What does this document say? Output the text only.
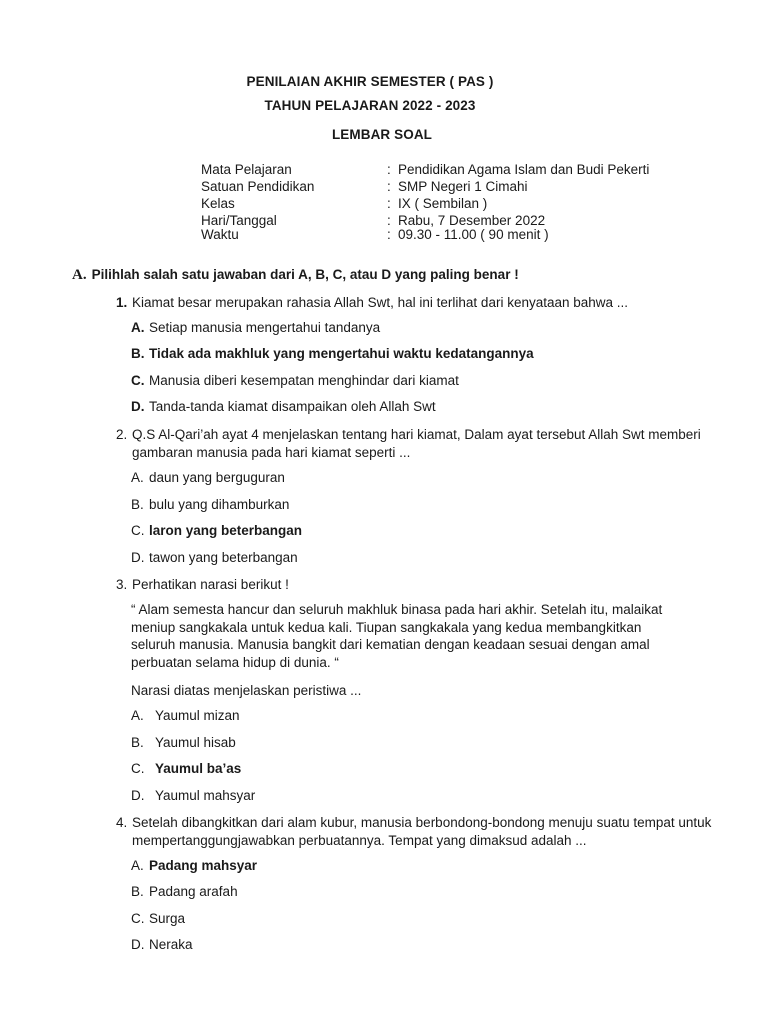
PENILAIAN AKHIR SEMESTER ( PAS )
TAHUN PELAJARAN 2022 - 2023
LEMBAR SOAL
Mata Pelajaran	: Pendidikan Agama Islam dan Budi Pekerti
Satuan Pendidikan	: SMP Negeri 1 Cimahi
Kelas	: IX ( Sembilan )
Hari/Tanggal	: Rabu, 7 Desember 2022
Waktu	: 09.30 - 11.00 ( 90 menit )
A. Pilihlah salah satu jawaban dari A, B, C, atau D yang paling benar !
1. Kiamat besar merupakan rahasia Allah Swt, hal ini terlihat dari kenyataan bahwa ...
A. Setiap manusia mengertahui tandanya
B. Tidak ada makhluk yang mengertahui waktu kedatangannya
C. Manusia diberi kesempatan menghindar dari kiamat
D. Tanda-tanda kiamat disampaikan oleh Allah Swt
2. Q.S Al-Qari’ah ayat 4 menjelaskan tentang hari kiamat, Dalam ayat tersebut Allah Swt memberi gambaran manusia pada hari kiamat seperti ...
A. daun yang berguguran
B. bulu yang dihamburkan
C. laron yang beterbangan
D. tawon yang beterbangan
3. Perhatikan narasi berikut !
“ Alam semesta hancur dan seluruh makhluk binasa pada hari akhir. Setelah itu, malaikat meniup sangkakala untuk kedua kali. Tiupan sangkakala yang kedua membangkitkan seluruh manusia. Manusia bangkit dari kematian dengan keadaan sesuai dengan amal perbuatan selama hidup di dunia. “
Narasi diatas menjelaskan peristiwa ...
A. Yaumul mizan
B. Yaumul hisab
C. Yaumul ba’as
D. Yaumul mahsyar
4. Setelah dibangkitkan dari alam kubur, manusia berbondong-bondong menuju suatu tempat untuk mempertanggungjawabkan perbuatannya. Tempat yang dimaksud adalah ...
A. Padang mahsyar
B. Padang arafah
C. Surga
D. Neraka
